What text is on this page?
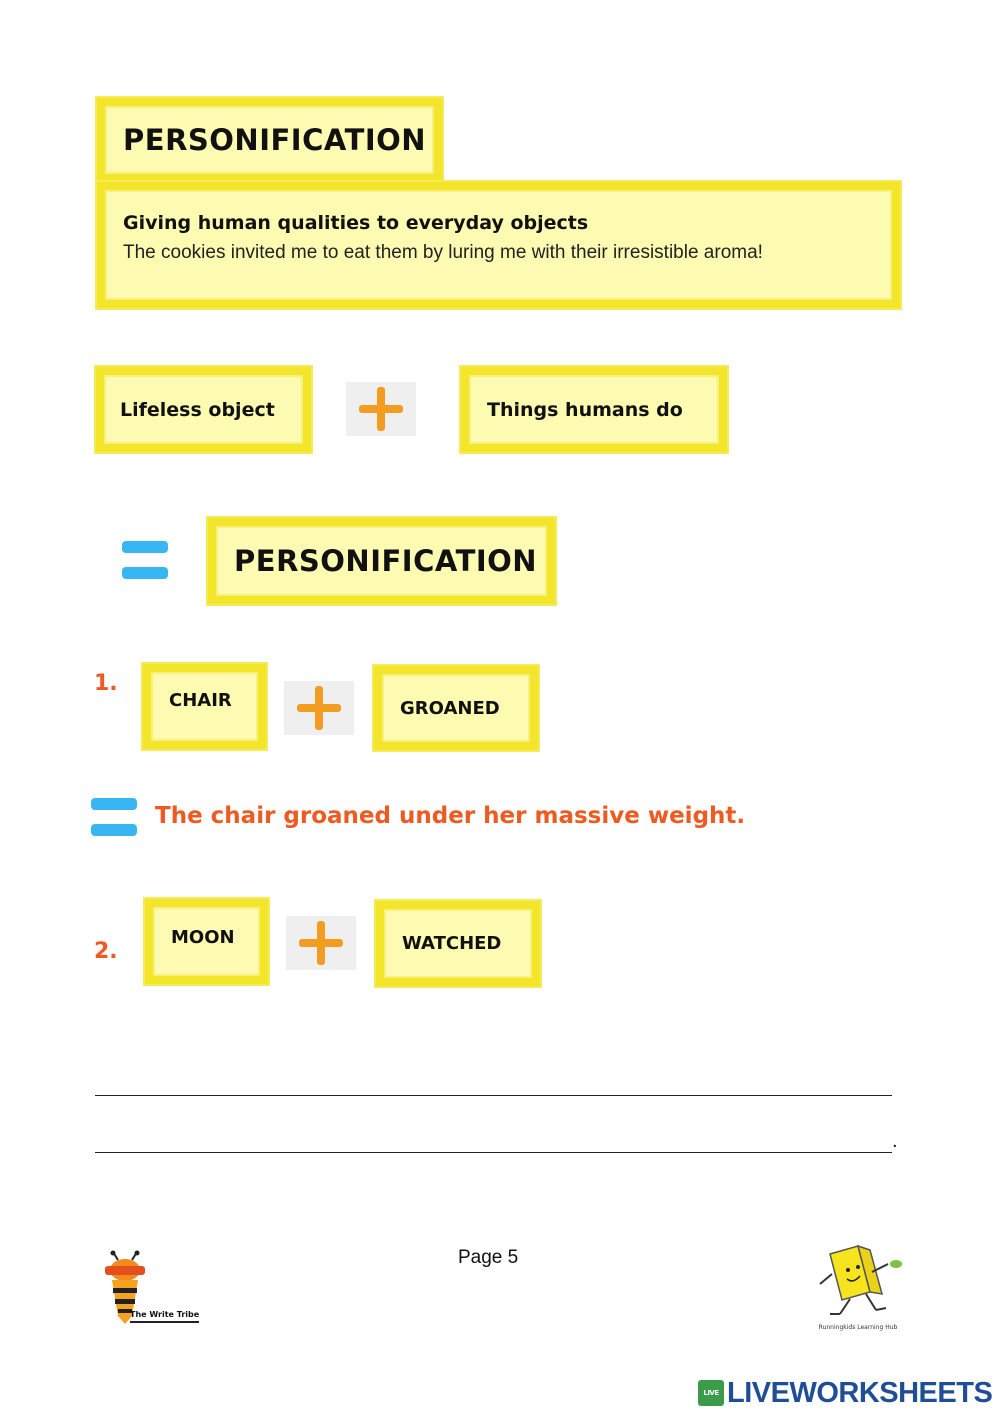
PERSONIFICATION
Giving human qualities to everyday objects
The cookies invited me to eat them by luring me with their irresistible aroma!
Lifeless object	Things humans do
PERSONIFICATION
1.
CHAIR	GROANED
The chair groaned under her massive weight.
2.
MOON	WATCHED
.
Page 5
The Write Tribe
Runningkids Learning Hub
LIVE LIVEWORKSHEETS
